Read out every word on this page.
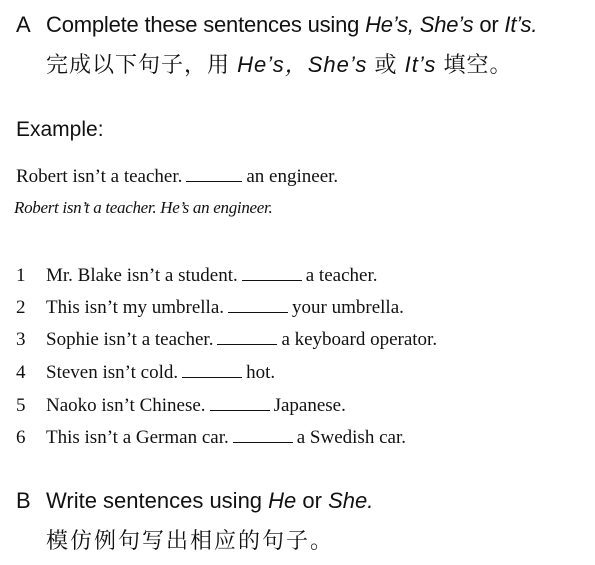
A Complete these sentences using He’s, She’s or It’s.
完成以下句子，用 He’s，She’s 或 It’s 填空。
Example:
Robert isn’t a teacher.	an engineer.
Robert isn’t a teacher. He’s an engineer.
1 Mr. Blake isn’t a student.	a teacher.
2 This isn’t my umbrella.	your umbrella.
3 Sophie isn’t a teacher.	a keyboard operator.
4 Steven isn’t cold.	hot.
5 Naoko isn’t Chinese.	Japanese.
6 This isn’t a German car.	a Swedish car.
B Write sentences using He or She.
模仿例句写出相应的句子。
